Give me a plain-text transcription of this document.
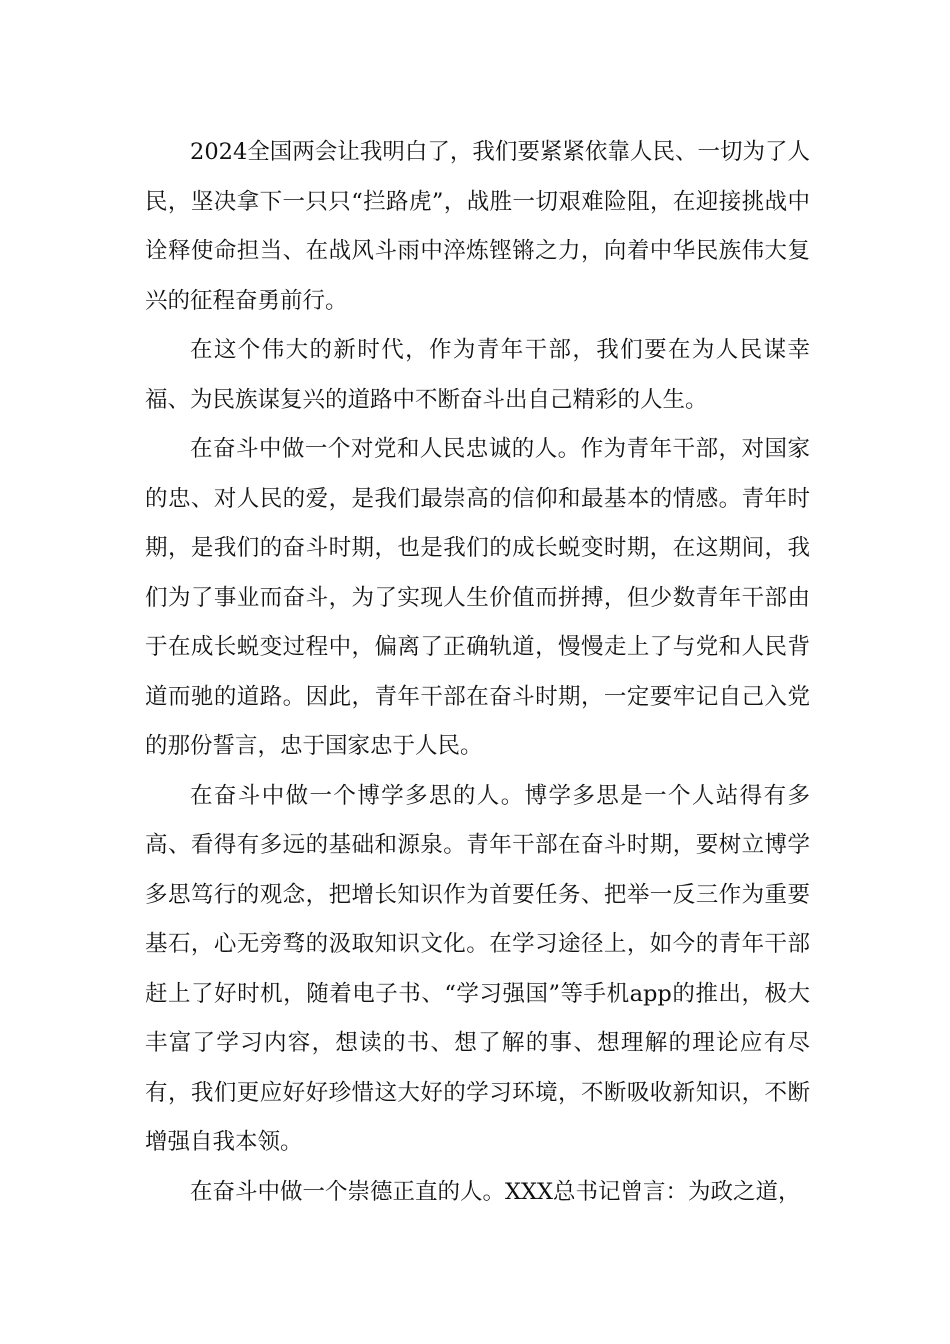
2024全国两会让我明白了，我们要紧紧依靠人民、一切为了人民，坚决拿下一只只“拦路虎”，战胜一切艰难险阻，在迎接挑战中诠释使命担当、在战风斗雨中淬炼铿锵之力，向着中华民族伟大复兴的征程奋勇前行。

在这个伟大的新时代，作为青年干部，我们要在为人民谋幸福、为民族谋复兴的道路中不断奋斗出自己精彩的人生。

在奋斗中做一个对党和人民忠诚的人。作为青年干部，对国家的忠、对人民的爱，是我们最崇高的信仰和最基本的情感。青年时期，是我们的奋斗时期，也是我们的成长蜕变时期，在这期间，我们为了事业而奋斗，为了实现人生价值而拼搏，但少数青年干部由于在成长蜕变过程中，偏离了正确轨道，慢慢走上了与党和人民背道而驰的道路。因此，青年干部在奋斗时期，一定要牢记自己入党的那份誓言，忠于国家忠于人民。

在奋斗中做一个博学多思的人。博学多思是一个人站得有多高、看得有多远的基础和源泉。青年干部在奋斗时期，要树立博学多思笃行的观念，把增长知识作为首要任务、把举一反三作为重要基石，心无旁骛的汲取知识文化。在学习途径上，如今的青年干部赶上了好时机，随着电子书、“学习强国”等手机app的推出，极大丰富了学习内容，想读的书、想了解的事、想理解的理论应有尽有，我们更应好好珍惜这大好的学习环境，不断吸收新知识，不断增强自我本领。

在奋斗中做一个崇德正直的人。XXX总书记曾言：为政之道，
